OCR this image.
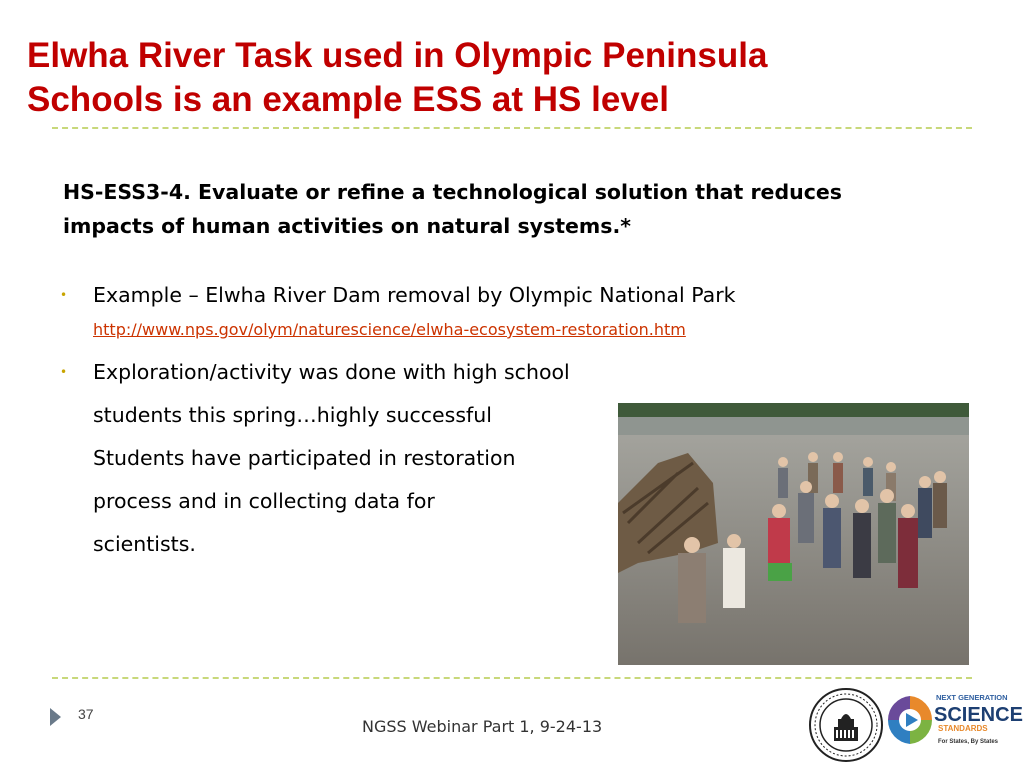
Elwha River Task used in Olympic Peninsula
Schools is an example ESS at HS level

HS-ESS3-4. Evaluate or refine a technological solution that reduces
impacts of human activities on natural systems.*

• Example – Elwha River Dam removal by Olympic National Park
http://www.nps.gov/olym/naturescience/elwha-ecosystem-restoration.htm
• Exploration/activity was done with high school
students this spring…highly successful
Students have participated in restoration
process and in collecting data for
scientists.
37
NGSS Webinar Part 1, 9-24-13
NEXT GENERATION
SCIENCE
STANDARDS
For States, By States
